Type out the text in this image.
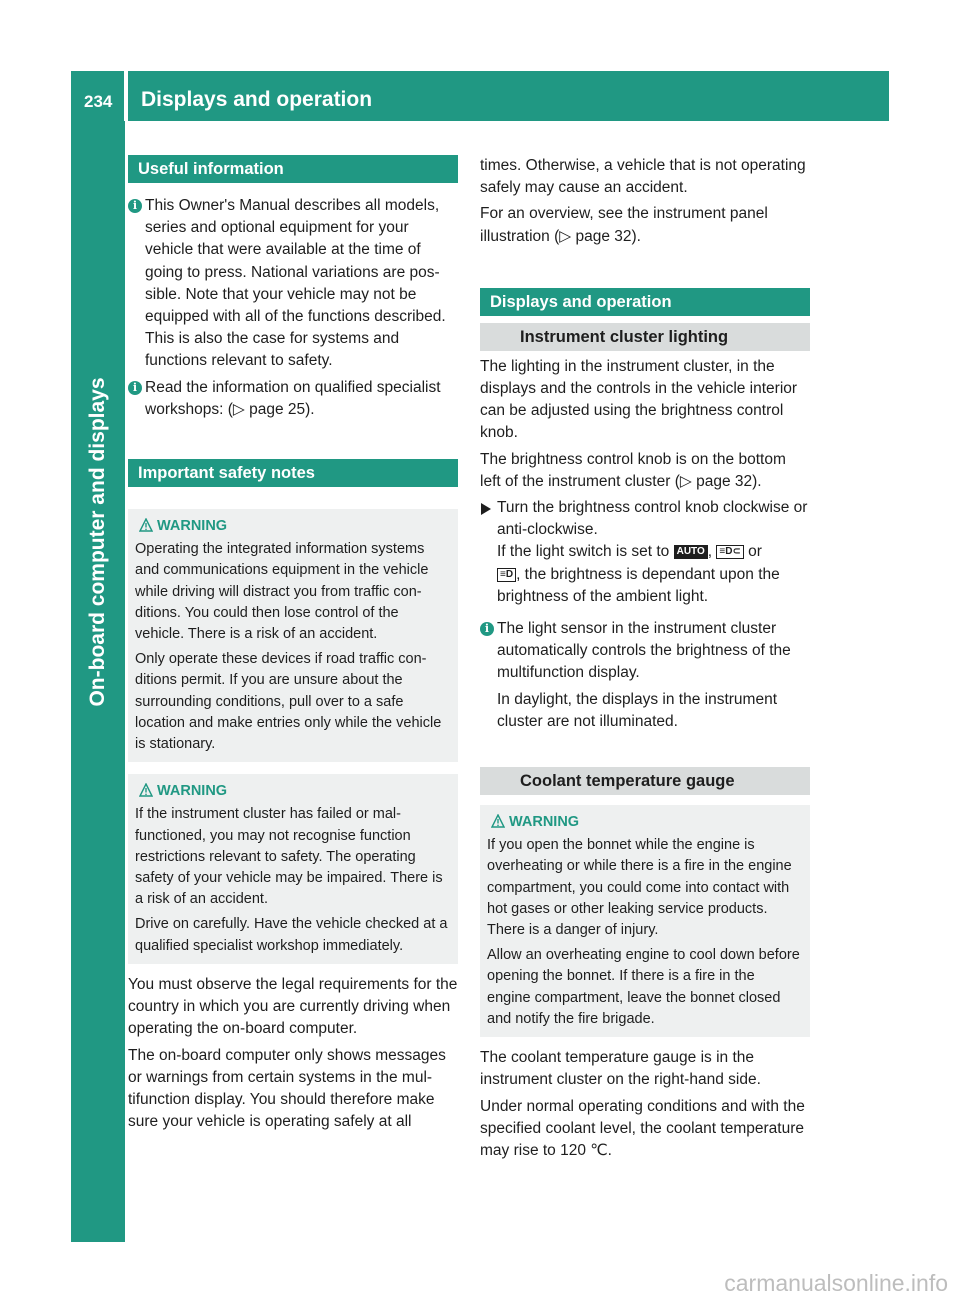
234 Displays and operation
On-board computer and displays
Useful information
i This Owner's Manual describes all models, series and optional equipment for your vehicle that were available at the time of going to press. National variations are possible. Note that your vehicle may not be equipped with all of the functions described. This is also the case for systems and functions relevant to safety.
i Read the information on qualified specialist workshops: (▷ page 25).
Important safety notes
WARNING

Operating the integrated information systems and communications equipment in the vehicle while driving will distract you from traffic conditions. You could then lose control of the vehicle. There is a risk of an accident.

Only operate these devices if road traffic conditions permit. If you are unsure about the surrounding conditions, pull over to a safe location and make entries only while the vehicle is stationary.

WARNING

If the instrument cluster has failed or malfunctioned, you may not recognise function restrictions relevant to safety. The operating safety of your vehicle may be impaired. There is a risk of an accident.

Drive on carefully. Have the vehicle checked at a qualified specialist workshop immediately.

You must observe the legal requirements for the country in which you are currently driving when operating the on-board computer.

The on-board computer only shows messages or warnings from certain systems in the multifunction display. You should therefore make sure your vehicle is operating safely at all

times. Otherwise, a vehicle that is not operating safely may cause an accident.

For an overview, see the instrument panel illustration (▷ page 32).

Displays and operation
Instrument cluster lighting

The lighting in the instrument cluster, in the displays and the controls in the vehicle interior can be adjusted using the brightness control knob.

The brightness control knob is on the bottom left of the instrument cluster (▷ page 32).

Turn the brightness control knob clockwise or anti-clockwise.
If the light switch is set to AUTO , ≡D⊂ or
≡D , the brightness is dependant upon the brightness of the ambient light.
i The light sensor in the instrument cluster automatically controls the brightness of the multifunction display.

In daylight, the displays in the instrument cluster are not illuminated.

Coolant temperature gauge
WARNING

If you open the bonnet while the engine is overheating or while there is a fire in the engine compartment, you could come into contact with hot gases or other leaking service products. There is a danger of injury.

Allow an overheating engine to cool down before opening the bonnet. If there is a fire in the engine compartment, leave the bonnet closed and notify the fire brigade.

The coolant temperature gauge is in the instrument cluster on the right-hand side.

Under normal operating conditions and with the specified coolant level, the coolant temperature may rise to 120 ℃.

carmanualsonline.info
